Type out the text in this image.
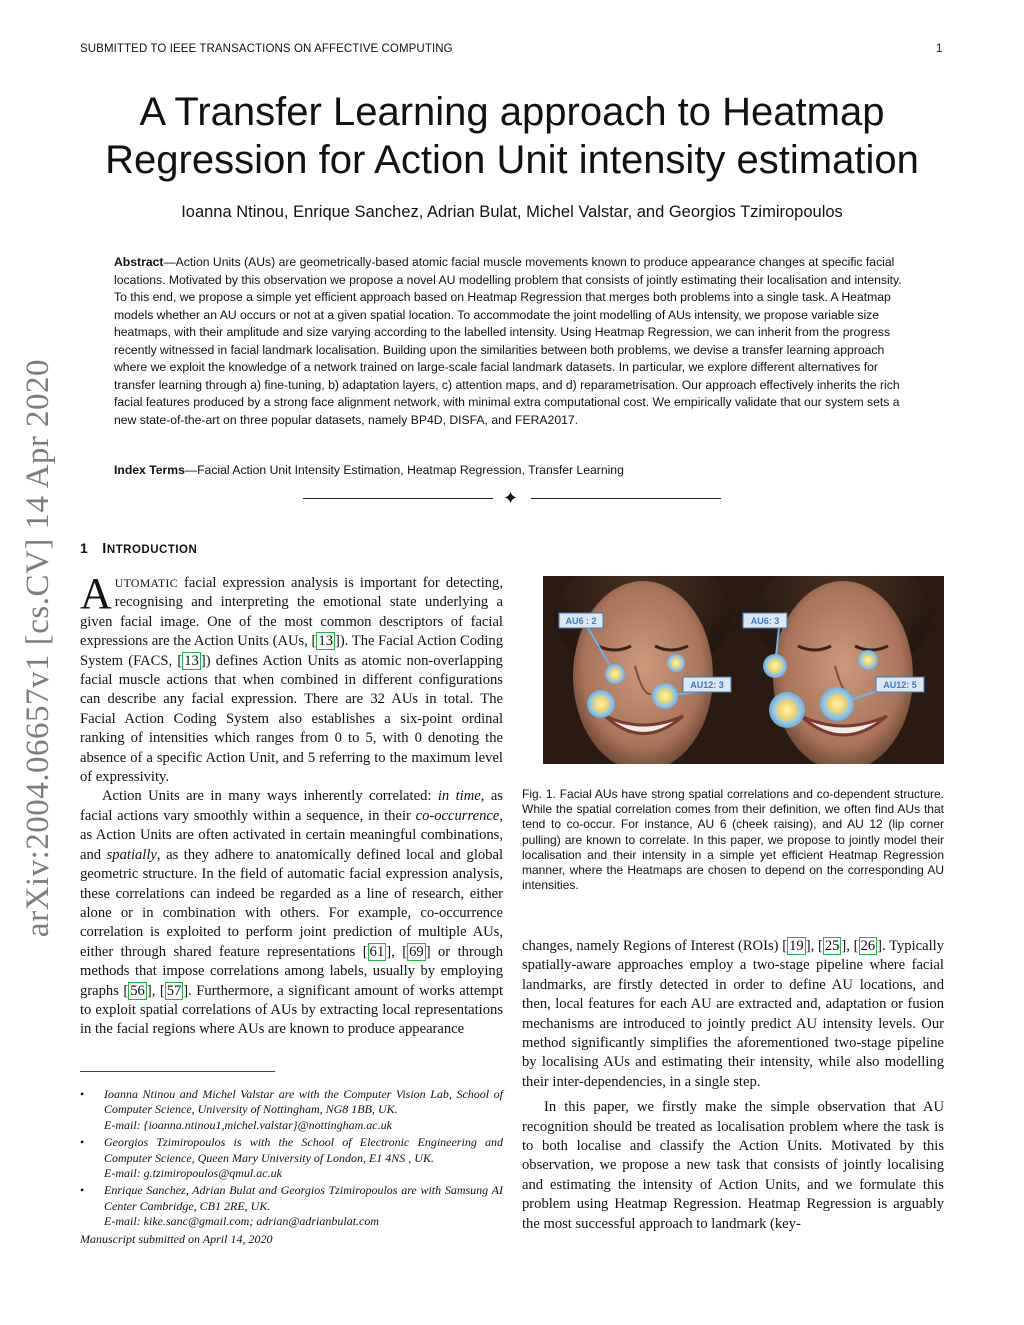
SUBMITTED TO IEEE TRANSACTIONS ON AFFECTIVE COMPUTING	1
arXiv:2004.06657v1 [cs.CV] 14 Apr 2020
A Transfer Learning approach to Heatmap
Regression for Action Unit intensity estimation
Ioanna Ntinou, Enrique Sanchez, Adrian Bulat, Michel Valstar, and Georgios Tzimiropoulos
Abstract—Action Units (AUs) are geometrically-based atomic facial muscle movements known to produce appearance changes at specific facial locations. Motivated by this observation we propose a novel AU modelling problem that consists of jointly estimating their localisation and intensity. To this end, we propose a simple yet efficient approach based on Heatmap Regression that merges both problems into a single task. A Heatmap models whether an AU occurs or not at a given spatial location. To accommodate the joint modelling of AUs intensity, we propose variable size heatmaps, with their amplitude and size varying according to the labelled intensity. Using Heatmap Regression, we can inherit from the progress recently witnessed in facial landmark localisation. Building upon the similarities between both problems, we devise a transfer learning approach where we exploit the knowledge of a network trained on large-scale facial landmark datasets. In particular, we explore different alternatives for transfer learning through a) fine-tuning, b) adaptation layers, c) attention maps, and d) reparametrisation. Our approach effectively inherits the rich facial features produced by a strong face alignment network, with minimal extra computational cost. We empirically validate that our system sets a new state-of-the-art on three popular datasets, namely BP4D, DISFA, and FERA2017.
Index Terms—Facial Action Unit Intensity Estimation, Heatmap Regression, Transfer Learning
✦
1 INTRODUCTION

AUTOMATIC facial expression analysis is important for detecting, recognising and interpreting the emotional state underlying a given facial image. One of the most common descriptors of facial expressions are the Action Units (AUs, [ 13 ]). The Facial Action Coding System (FACS, [ 13 ]) defines Action Units as atomic non-overlapping facial muscle actions that when combined in different configurations can describe any facial expression. There are 32 AUs in total. The Facial Action Coding System also establishes a six-point ordinal ranking of intensities which ranges from 0 to 5, with 0 denoting the absence of a specific Action Unit, and 5 referring to the maximum level of expressivity.

Action Units are in many ways inherently correlated: in time, as facial actions vary smoothly within a sequence, in their co-occurrence, as Action Units are often activated in certain meaningful combinations, and spatially, as they adhere to anatomically defined local and global geometric structure. In the field of automatic facial expression analysis, these correlations can indeed be regarded as a line of research, either alone or in combination with others. For example, co-occurrence correlation is exploited to perform joint prediction of multiple AUs, either through shared feature representations [ 61 ], [ 69 ] or through methods that impose correlations among labels, usually by employing graphs [ 56 ], [ 57 ]. Furthermore, a significant amount of works attempt to exploit spatial correlations of AUs by extracting local representations in the facial regions where AUs are known to produce appearance

AU6 : 2	AU6: 3
AU12: 3	AU12: 5
Fig. 1. Facial AUs have strong spatial correlations and co-dependent structure. While the spatial correlation comes from their definition, we often find AUs that tend to co-occur. For instance, AU 6 (cheek raising), and AU 12 (lip corner pulling) are known to correlate. In this paper, we propose to jointly model their localisation and their intensity in a simple yet efficient Heatmap Regression manner, where the Heatmaps are chosen to depend on the corresponding AU intensities.

changes, namely Regions of Interest (ROIs) [ 19 ], [ 25 ], [ 26 ]. Typically spatially-aware approaches employ a two-stage pipeline where facial landmarks, are firstly detected in order to define AU locations, and then, local features for each AU are extracted and, adaptation or fusion mechanisms are introduced to jointly predict AU intensity levels. Our method significantly simplifies the aforementioned two-stage pipeline by localising AUs and estimating their intensity, while also modelling their inter-dependencies, in a single step.

In this paper, we firstly make the simple observation that AU recognition should be treated as localisation problem where the task is to both localise and classify the Action Units. Motivated by this observation, we propose a new task that consists of jointly localising and estimating the intensity of Action Units, and we formulate this problem using Heatmap Regression. Heatmap Regression is arguably the most successful approach to landmark (key-

• Ioanna Ntinou and Michel Valstar are with the Computer Vision Lab, School of Computer Science, University of Nottingham, NG8 1BB, UK.
E-mail: {ioanna.ntinou1,michel.valstar}@nottingham.ac.uk
• Georgios Tzimiropoulos is with the School of Electronic Engineering and Computer Science, Queen Mary University of London, E1 4NS , UK.
E-mail: g.tzimiropoulos@qmul.ac.uk
• Enrique Sanchez, Adrian Bulat and Georgios Tzimiropoulos are with Samsung AI Center Cambridge, CB1 2RE, UK.
E-mail: kike.sanc@gmail.com; adrian@adrianbulat.com
Manuscript submitted on April 14, 2020
